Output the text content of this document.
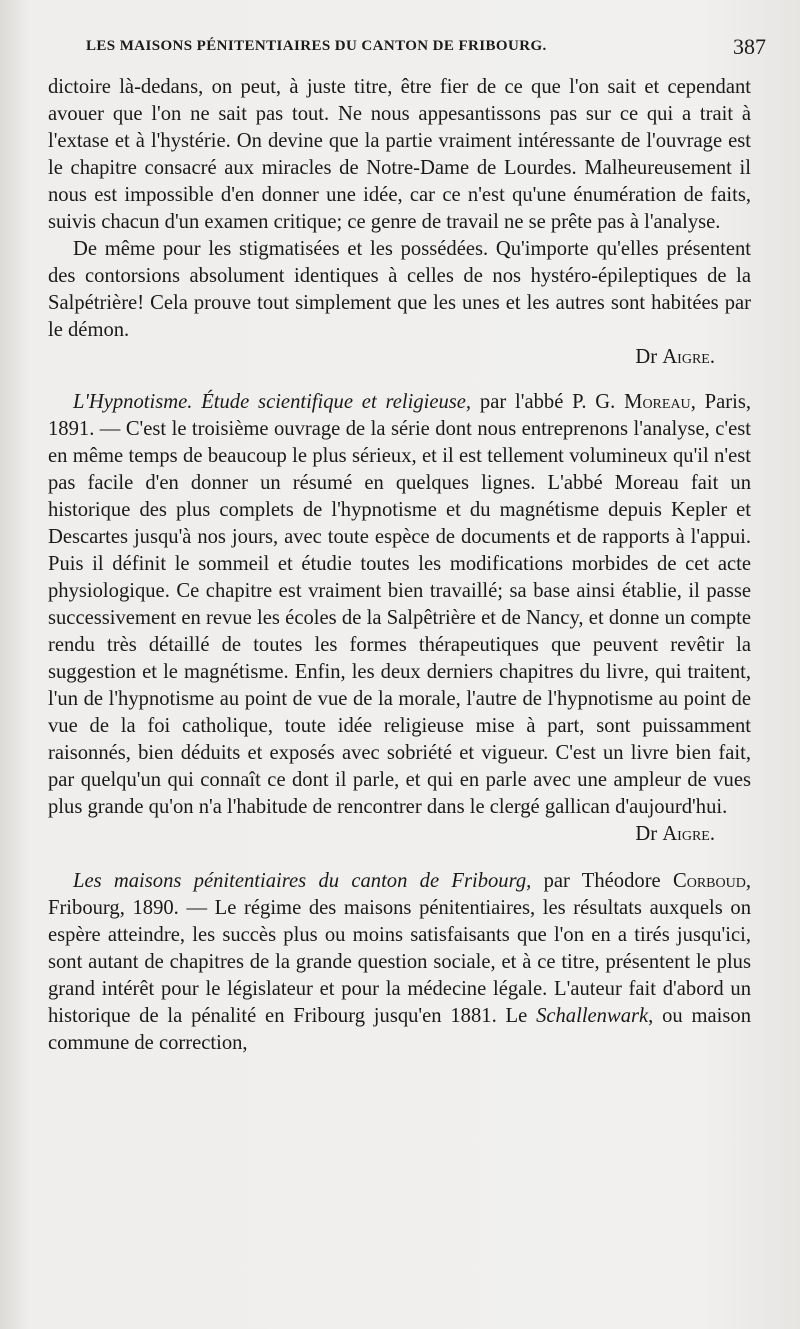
LES MAISONS PÉNITENTIAIRES DU CANTON DE FRIBOURG.	387

dictoire là-dedans, on peut, à juste titre, être fier de ce que l'on sait et cependant avouer que l'on ne sait pas tout. Ne nous appesantissons pas sur ce qui a trait à l'extase et à l'hystérie. On devine que la partie vraiment intéressante de l'ouvrage est le chapitre consacré aux miracles de Notre-Dame de Lourdes. Malheureusement il nous est impossible d'en donner une idée, car ce n'est qu'une énumération de faits, suivis chacun d'un examen critique; ce genre de travail ne se prête pas à l'analyse.

De même pour les stigmatisées et les possédées. Qu'importe qu'elles présentent des contorsions absolument identiques à celles de nos hystéro-épileptiques de la Salpétrière! Cela prouve tout simplement que les unes et les autres sont habitées par le démon.

Dr Aigre.

L'Hypnotisme. Étude scientifique et religieuse, par l'abbé P. G. Moreau, Paris, 1891. — C'est le troisième ouvrage de la série dont nous entreprenons l'analyse, c'est en même temps de beaucoup le plus sérieux, et il est tellement volumineux qu'il n'est pas facile d'en donner un résumé en quelques lignes. L'abbé Moreau fait un historique des plus complets de l'hypnotisme et du magnétisme depuis Kepler et Descartes jusqu'à nos jours, avec toute espèce de documents et de rapports à l'appui. Puis il définit le sommeil et étudie toutes les modifications morbides de cet acte physiologique. Ce chapitre est vraiment bien travaillé; sa base ainsi établie, il passe successivement en revue les écoles de la Salpêtrière et de Nancy, et donne un compte rendu très détaillé de toutes les formes thérapeutiques que peuvent revêtir la suggestion et le magnétisme. Enfin, les deux derniers chapitres du livre, qui traitent, l'un de l'hypnotisme au point de vue de la morale, l'autre de l'hypnotisme au point de vue de la foi catholique, toute idée religieuse mise à part, sont puissamment raisonnés, bien déduits et exposés avec sobriété et vigueur. C'est un livre bien fait, par quelqu'un qui connaît ce dont il parle, et qui en parle avec une ampleur de vues plus grande qu'on n'a l'habitude de rencontrer dans le clergé gallican d'aujourd'hui.

Dr Aigre.

Les maisons pénitentiaires du canton de Fribourg, par Théodore Corboud, Fribourg, 1890. — Le régime des maisons pénitentiaires, les résultats auxquels on espère atteindre, les succès plus ou moins satisfaisants que l'on en a tirés jusqu'ici, sont autant de chapitres de la grande question sociale, et à ce titre, présentent le plus grand intérêt pour le législateur et pour la médecine légale. L'auteur fait d'abord un historique de la pénalité en Fribourg jusqu'en 1881. Le Schallenwark, ou maison commune de correction,
